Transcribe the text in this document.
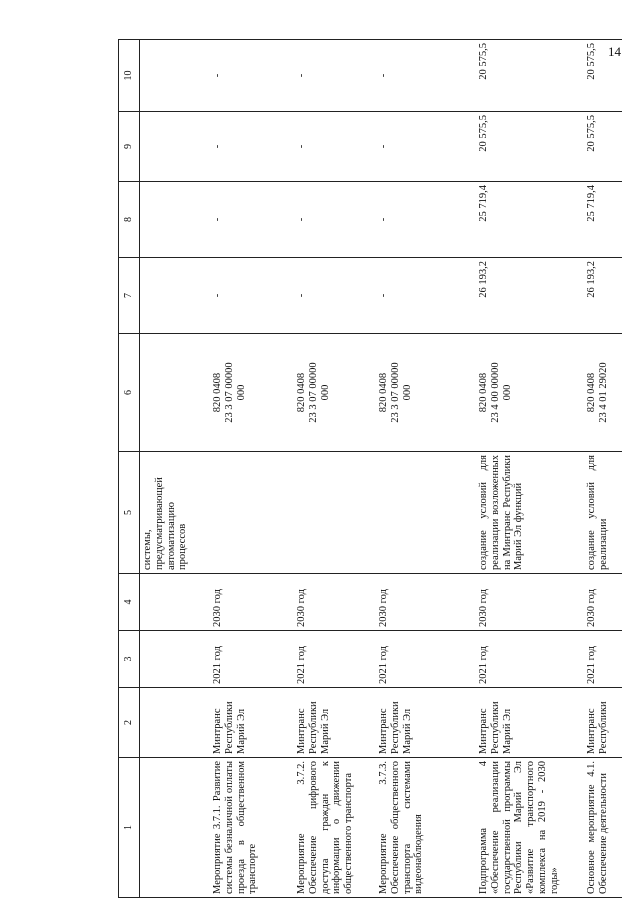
14
1	2	3	4	5	6	7	8	9	10
				системы, предусматривающей автоматизацию процессов					
Мероприятие 3.7.1. Развитие системы безналичной оплаты проезда в общественном транспорте	Минтранс Республики Марий Эл	2021 год	2030 год		820 0408 23 3 07 00000 000	-	-	-	-
Мероприятие 3.7.2. Обеспечение цифрового доступа граждан к информации о движении общественного транспорта	Минтранс Республики Марий Эл	2021 год	2030 год		820 0408 23 3 07 00000 000	-	-	-	-
Мероприятие 3.7.3. Обеспечение общественного транспорта системами видеонаблюдения	Минтранс Республики Марий Эл	2021 год	2030 год		820 0408 23 3 07 00000 000	-	-	-	-
Подпрограмма 4 «Обеспечение реализации государственной программы Республики Марий Эл «Развитие транспортного комплекса на 2019 - 2030 годы»	Минтранс Республики Марий Эл	2021 год	2030 год	создание условий для реализации возложенных на Минтранс Республики Марий Эл функций	820 0408 23 4 00 00000 000	26 193,2	25 719,4	20 575,5	20 575,5
Основное мероприятие 4.1. Обеспечение деятельности	Минтранс Республики	2021 год	2030 год	создание условий для реализации	820 0408 23 4 01 29020	26 193,2	25 719,4	20 575,5	20 575,5
